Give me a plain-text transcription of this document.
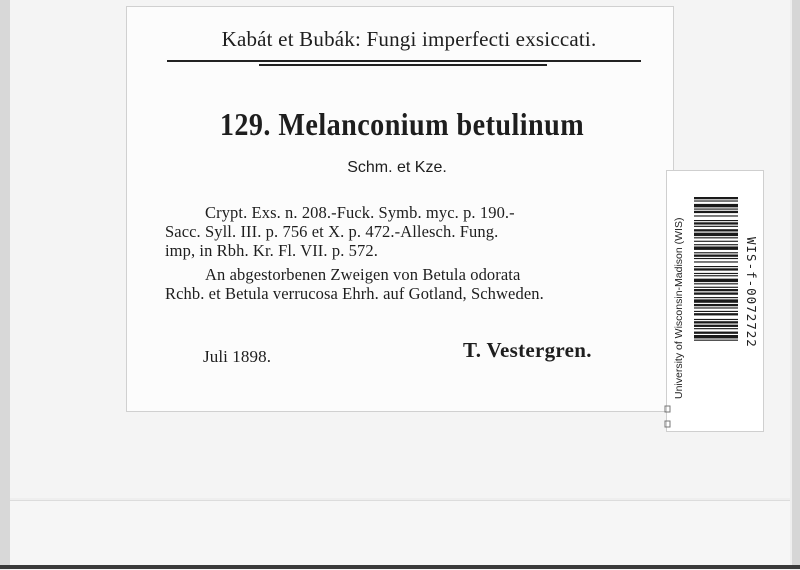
Kabát et Bubák: Fungi imperfecti exsiccati.
129. Melanconium betulinum
Schm. et Kze.
Crypt. Exs. n. 208.-Fuck. Symb. myc. p. 190.-
Sacc. Syll. III. p. 756 et X. p. 472.-Allesch. Fung.
imp, in Rbh. Kr. Fl. VII. p. 572.
An abgestorbenen Zweigen von Betula odorata
Rchb. et Betula verrucosa Ehrh. auf Gotland, Schweden.
Juli 1898.	T. Vestergren.	University of Wisconsin-Madison (WIS)	WIS-f-0072722
